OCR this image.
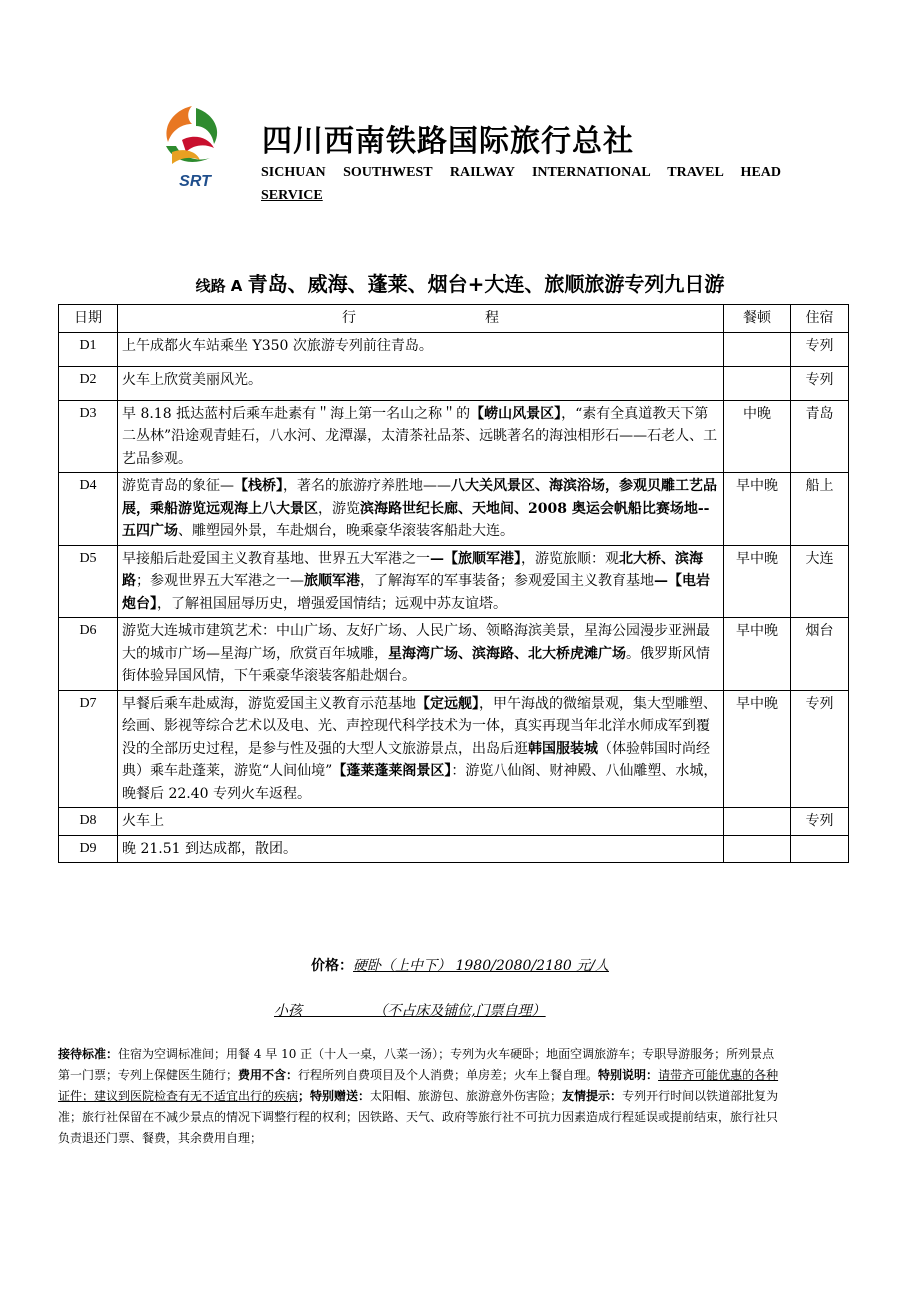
SRT
四川西南铁路国际旅行总社
SICHUAN SOUTHWEST RAILWAY INTERNATIONAL TRAVEL HEAD
SERVICE
线路 A 青岛、威海、蓬莱、烟台+大连、旅顺旅游专列九日游
日期	行 程	餐顿	住宿
D1	上午成都火车站乘坐 Y350 次旅游专列前往青岛。		专列
D2	火车上欣赏美丽风光。		专列
D3	早 8.18 抵达蓝村后乘车赴素有＂海上第一名山之称＂的【崂山风景区】，“素有全真道教天下第二丛林”沿途观青蛙石，八水河、龙潭瀑，太清茶社品茶、远眺著名的海浊相形石——石老人、工艺品参观。	中晚	青岛
D4	游览青岛的象征—【栈桥】，著名的旅游疗养胜地——八大关风景区、海滨浴场，参观贝雕工艺品展，乘船游览远观海上八大景区，游览滨海路世纪长廊、天地间、2008 奥运会帆船比赛场地--五四广场、雕塑园外景，车赴烟台，晚乘豪华滚装客船赴大连。	早中晚	船上
D5	早接船后赴爱国主义教育基地、世界五大军港之一—【旅顺军港】，游览旅顺：观北大桥、滨海路；参观世界五大军港之一—旅顺军港，了解海军的军事装备；参观爱国主义教育基地—【电岩炮台】，了解祖国屈辱历史，增强爱国情结；远观中苏友谊塔。	早中晚	大连
D6	游览大连城市建筑艺术：中山广场、友好广场、人民广场、领略海滨美景，星海公园漫步亚洲最大的城市广场—星海广场，欣赏百年城雕，星海湾广场、滨海路、北大桥虎滩广场。俄罗斯风情街体验异国风情，下午乘豪华滚装客船赴烟台。	早中晚	烟台
D7	早餐后乘车赴威海，游览爱国主义教育示范基地【定远舰】，甲午海战的微缩景观，集大型雕塑、绘画、影视等综合艺术以及电、光、声控现代科学技术为一体，真实再现当年北洋水师成军到覆没的全部历史过程，是参与性及强的大型人文旅游景点，出岛后逛韩国服装城（体验韩国时尚经典）乘车赴蓬莱，游览“人间仙境”【蓬莱蓬莱阁景区】：游览八仙阁、财神殿、八仙雕塑、水城，晚餐后 22.40 专列火车返程。	早中晚	专列
D8	火车上		专列
D9	晚 21.51 到达成都，散团。		
价格：硬卧（上中下） 1980/2080/2180 元/人
小孩                （不占床及铺位,门票自理）
接待标准：住宿为空调标准间；用餐 4 早 10 正（十人一桌，八菜一汤）；专列为火车硬卧；地面空调旅游车；专职导游服务；所列景点第一门票；专列上保健医生随行；费用不含：行程所列自费项目及个人消费；单房差；火车上餐自理。特别说明：请带齐可能优惠的各种证件；建议到医院检查有无不适宜出行的疾病；特别赠送：太阳帽、旅游包、旅游意外伤害险；友情提示：专列开行时间以铁道部批复为准；旅行社保留在不减少景点的情况下调整行程的权利；因铁路、天气、政府等旅行社不可抗力因素造成行程延误或提前结束，旅行社只负责退还门票、餐费，其余费用自理；
